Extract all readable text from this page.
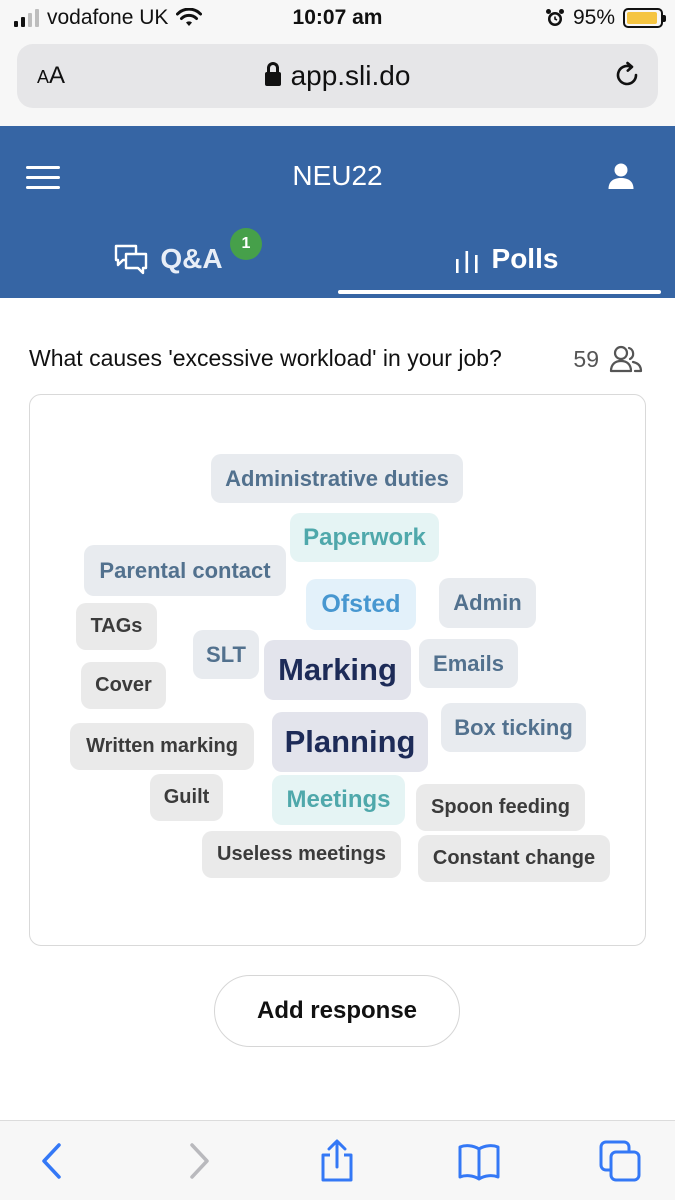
vodafone UK	10:07 am	95%
AA	app.sli.do
NEU22
Q&A	1	Polls
What causes 'excessive workload' in your job?	59
Administrative duties
Paperwork
Parental contact
Ofsted	Admin
TAGs
SLT	Marking	Emails
Cover
Written marking	Planning	Box ticking
Guilt	Meetings	Spoon feeding
Useless meetings	Constant change
Add response
